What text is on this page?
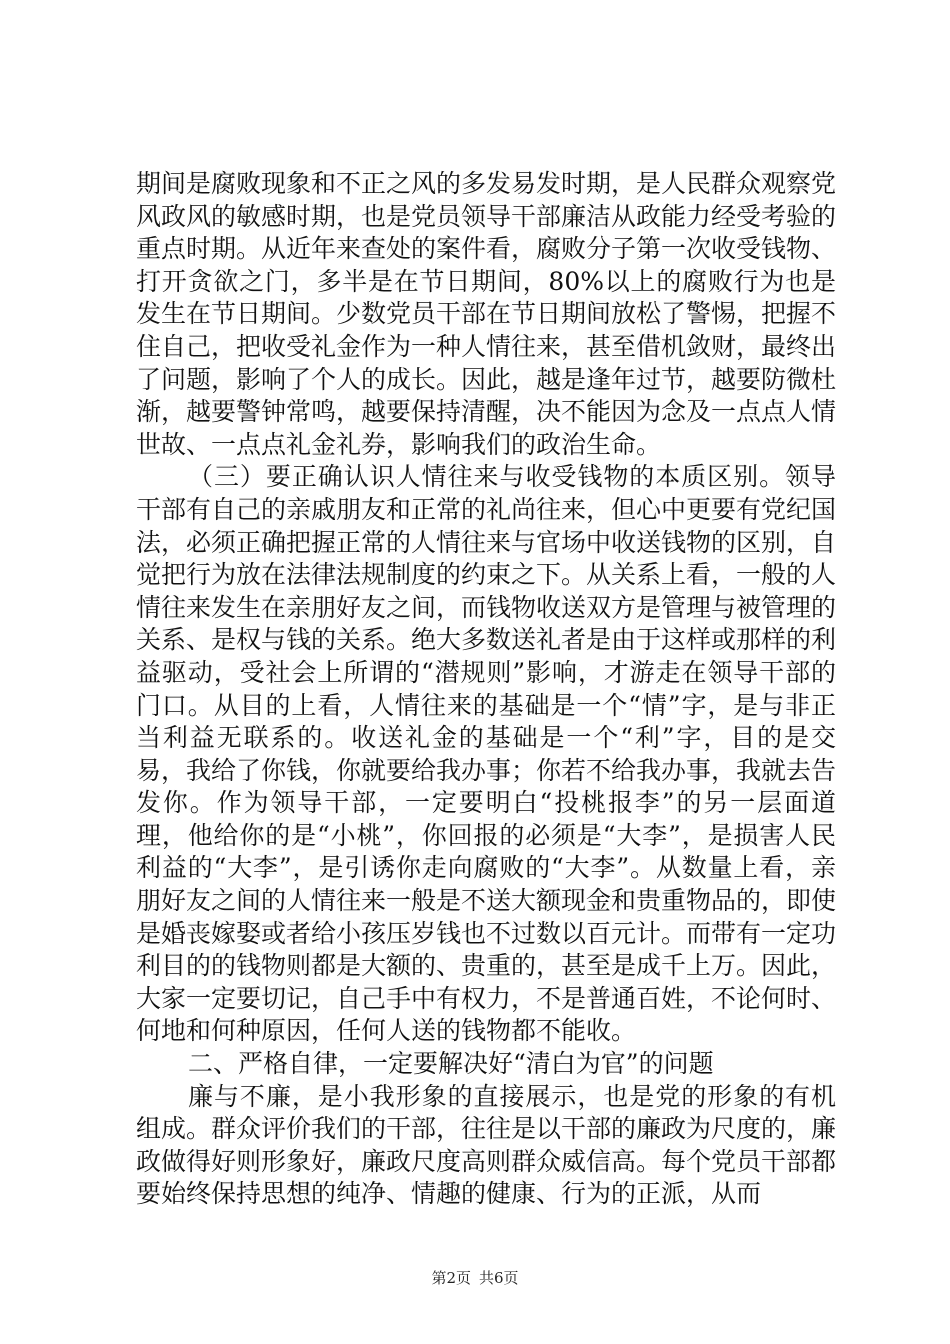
期间是腐败现象和不正之风的多发易发时期，是人民群众观察党风政风的敏感时期，也是党员领导干部廉洁从政能力经受考验的重点时期。从近年来查处的案件看，腐败分子第一次收受钱物、打开贪欲之门，多半是在节日期间，80%以上的腐败行为也是发生在节日期间。少数党员干部在节日期间放松了警惕，把握不住自己，把收受礼金作为一种人情往来，甚至借机敛财，最终出了问题，影响了个人的成长。因此，越是逢年过节，越要防微杜渐，越要警钟常鸣，越要保持清醒，决不能因为念及一点点人情世故、一点点礼金礼券，影响我们的政治生命。

（三）要正确认识人情往来与收受钱物的本质区别。领导干部有自己的亲戚朋友和正常的礼尚往来，但心中更要有党纪国法，必须正确把握正常的人情往来与官场中收送钱物的区别，自觉把行为放在法律法规制度的约束之下。从关系上看，一般的人情往来发生在亲朋好友之间，而钱物收送双方是管理与被管理的关系、是权与钱的关系。绝大多数送礼者是由于这样或那样的利益驱动，受社会上所谓的“潜规则”影响，才游走在领导干部的门口。从目的上看，人情往来的基础是一个“情”字，是与非正当利益无联系的。收送礼金的基础是一个“利”字，目的是交易，我给了你钱，你就要给我办事；你若不给我办事，我就去告发你。作为领导干部，一定要明白“投桃报李”的另一层面道理，他给你的是“小桃”，你回报的必须是“大李”，是损害人民利益的“大李”，是引诱你走向腐败的“大李”。从数量上看，亲朋好友之间的人情往来一般是不送大额现金和贵重物品的，即使是婚丧嫁娶或者给小孩压岁钱也不过数以百元计。而带有一定功利目的的钱物则都是大额的、贵重的，甚至是成千上万。因此，大家一定要切记，自己手中有权力，不是普通百姓，不论何时、何地和何种原因，任何人送的钱物都不能收。

二、严格自律，一定要解决好“清白为官”的问题

廉与不廉，是小我形象的直接展示，也是党的形象的有机组成。群众评价我们的干部，往往是以干部的廉政为尺度的，廉政做得好则形象好，廉政尺度高则群众威信高。每个党员干部都要始终保持思想的纯净、情趣的健康、行为的正派，从而

第2页 共6页
